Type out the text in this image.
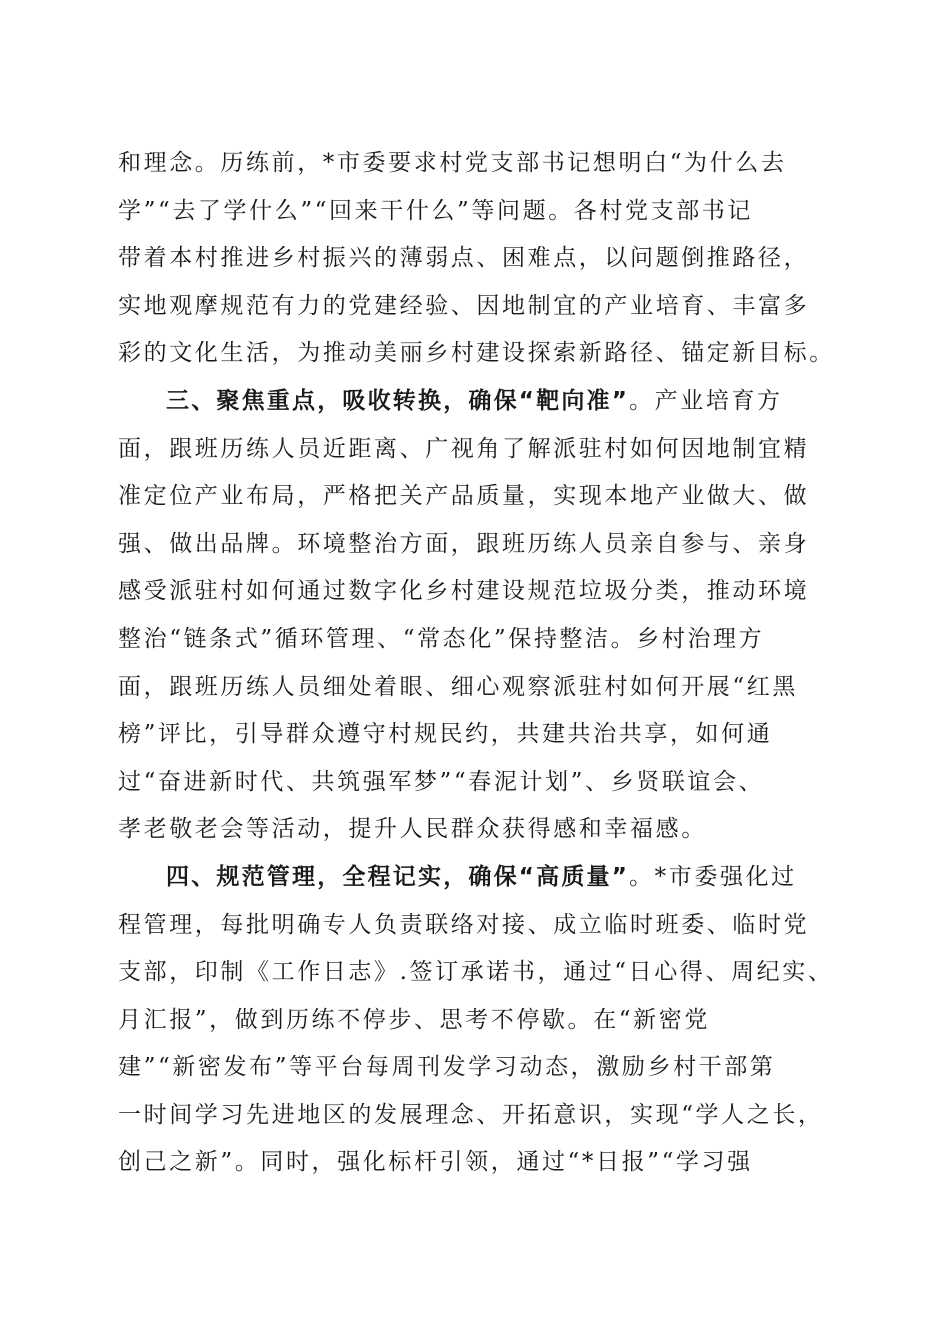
和理念。历练前，*市委要求村党支部书记想明白“为什么去
学”“去了学什么”“回来干什么”等问题。各村党支部书记
带着本村推进乡村振兴的薄弱点、困难点，以问题倒推路径，
实地观摩规范有力的党建经验、因地制宜的产业培育、丰富多
彩的文化生活，为推动美丽乡村建设探索新路径、锚定新目标。
三、聚焦重点，吸收转换，确保“靶向准”。产业培育方
面，跟班历练人员近距离、广视角了解派驻村如何因地制宜精
准定位产业布局，严格把关产品质量，实现本地产业做大、做
强、做出品牌。环境整治方面，跟班历练人员亲自参与、亲身
感受派驻村如何通过数字化乡村建设规范垃圾分类，推动环境
整治“链条式”循环管理、“常态化”保持整洁。乡村治理方
面，跟班历练人员细处着眼、细心观察派驻村如何开展“红黑
榜”评比，引导群众遵守村规民约，共建共治共享，如何通
过“奋进新时代、共筑强军梦”“春泥计划”、乡贤联谊会、
孝老敬老会等活动，提升人民群众获得感和幸福感。
四、规范管理，全程记实，确保“高质量”。*市委强化过
程管理，每批明确专人负责联络对接、成立临时班委、临时党
支部，印制《工作日志》.签订承诺书，通过“日心得、周纪实、
月汇报”，做到历练不停步、思考不停歇。在“新密党
建”“新密发布”等平台每周刊发学习动态，激励乡村干部第
一时间学习先进地区的发展理念、开拓意识，实现“学人之长，
创己之新”。同时，强化标杆引领，通过“*日报”“学习强
